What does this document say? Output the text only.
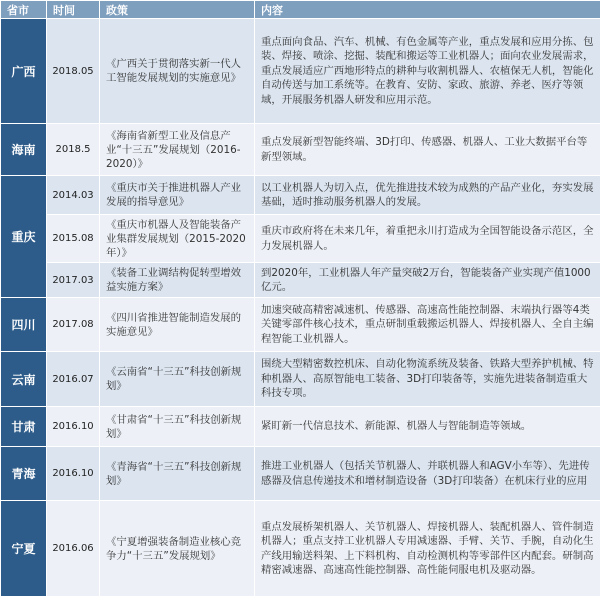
省市	时间	政策	内容
广西	2018.05	《广西关于贯彻落实新一代人工智能发展规划的实施意见》	重点面向食品、汽车、机械、有色金属等产业，重点发展和应用分拣、包装、焊接、喷涂、挖掘、装配和搬运等工业机器人；面向农业发展需求，重点发展适应广西地形特点的耕种与收割机器人、农植保无人机，智能化自动传送与加工系统等。在教育、安防、家政、旅游、养老、医疗等领域，开展服务机器人研发和应用示范。
海南	2018.5	《海南省新型工业及信息产业“十三五”发展规划（2016-2020）》	重点发展新型智能终端、3D打印、传感器、机器人、工业大数据平台等新型领域。
重庆	2014.03	《重庆市关于推进机器人产业发展的指导意见》	以工业机器人为切入点，优先推进技术较为成熟的产品产业化，夯实发展基础，适时推动服务机器人的发展。
	2015.08	《重庆市机器人及智能装备产业集群发展规划（2015-2020年）》	重庆市政府将在未来几年，着重把永川打造成为全国智能设备示范区，全力发展机器人。
	2017.03	《装备工业调结构促转型增效益实施方案》	到2020年，工业机器人年产量突破2万台，智能装备产业实现产值1000亿元。
四川	2017.08	《四川省推进智能制造发展的实施意见》	加速突破高精密减速机、传感器、高速高性能控制器、末端执行器等4类关键零部件核心技术，重点研制重载搬运机器人、焊接机器人、全自主编程智能工业机器人。
云南	2016.07	《云南省“十三五”科技创新规划》	围绕大型精密数控机床、自动化物流系统及装备、铁路大型养护机械、特种机器人、高原智能电工装备、3D打印装备等，实施先进装备制造重大科技专项。
甘肃	2016.10	《甘肃省“十三五”科技创新规划》	紧盯新一代信息技术、新能源、机器人与智能制造等领域。
青海	2016.10	《青海省“十三五”科技创新规划》	推进工业机器人（包括关节机器人、并联机器人和AGV小车等）、先进传感器及信息传递技术和增材制造设备（3D打印装备）在机床行业的应用
宁夏	2016.06	《宁夏增强装备制造业核心竞争力“十三五”发展规划》	重点发展桥架机器人、关节机器人、焊接机器人、装配机器人、管件制造机器人；重点支持工业机器人专用减速器、手臂、关节、手腕，自动化生产线用输送料架、上下料机构、自动检测机构等零部件区内配套。研制高精密减速器、高速高性能控制器、高性能伺服电机及驱动器。
